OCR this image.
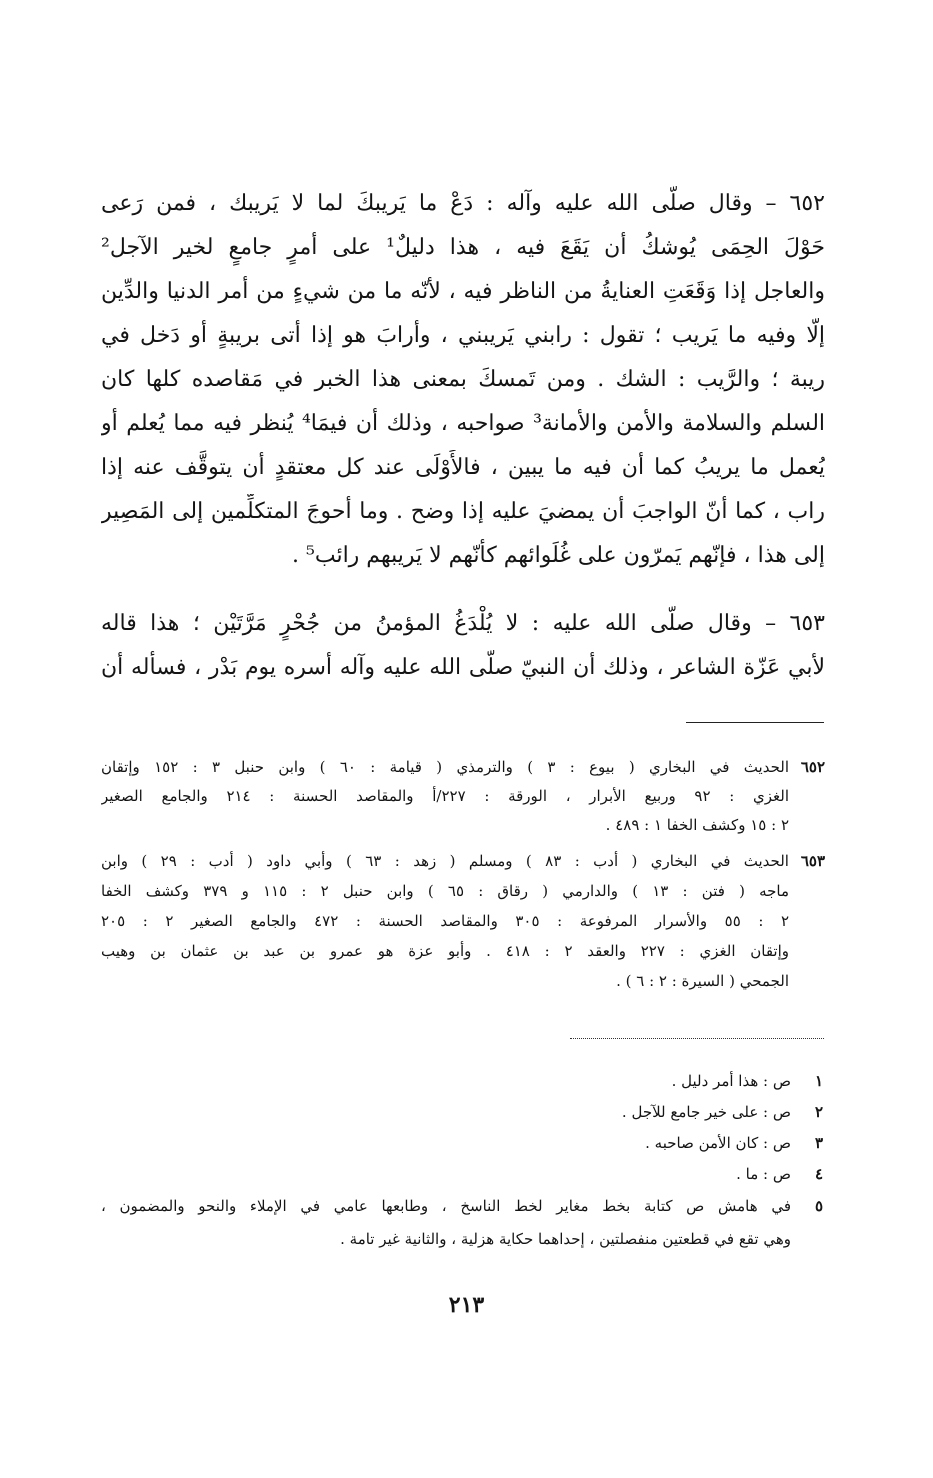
٦٥٢ – وقال صلّى الله عليه وآله : دَعْ ما يَريبكَ لما لا يَريبك ، فمن رَعى
حَوْلَ الحِمَى يُوشكُ أن يَقَعَ فيه ، هذا دليلٌ¹ على أمرٍ جامعٍ لخير الآجل²
والعاجل إذا وَقَعَتِ العنايةُ من الناظر فيه ، لأنّه ما من شيءٍ من أمر الدنيا والدِّين
إلّا وفيه ما يَريب ؛ تقول : رابني يَريبني ، وأرابَ هو إذا أتى بريبةٍ أو دَخل في
ريبة ؛ والرَّيب : الشك . ومن تَمسكَ بمعنى هذا الخبر في مَقاصده كلها كان
السلم والسلامة والأمن والأمانة³ صواحبه ، وذلك أن فيمَا⁴ يُنظر فيه مما يُعلم أو
يُعمل ما يريبُ كما أن فيه ما يبين ، فالأَوْلَى عند كل معتقدٍ أن يتوقَّف عنه إذا
راب ، كما أنّ الواجبَ أن يمضيَ عليه إذا وضح . وما أحوجَ المتكلِّمين إلى المَصِير
إلى هذا ، فإنّهم يَمرّون على غُلَوائهم كأنّهم لا يَريبهم رائب⁵ .
٦٥٣ – وقال صلّى الله عليه : لا يُلْدَغُ المؤمنُ من جُحْرٍ مَرَّتَيْن ؛ هذا قاله
لأبي عَزّة الشاعر ، وذلك أن النبيّ صلّى الله عليه وآله أسره يوم بَدْر ، فسأله أن
٦٥٢
الحديث في البخاري ( بيوع : ٣ ) والترمذي ( قيامة : ٦٠ ) وابن حنبل ٣ : ١٥٢ وإتقان
الغزي : ٩٢ وربيع الأبرار ، الورقة : ٢٢٧/أ والمقاصد الحسنة : ٢١٤ والجامع الصغير
٢ : ١٥ وكشف الخفا ١ : ٤٨٩ .
٦٥٣
الحديث في البخاري ( أدب : ٨٣ ) ومسلم ( زهد : ٦٣ ) وأبي داود ( أدب : ٢٩ ) وابن
ماجه ( فتن : ١٣ ) والدارمي ( رقاق : ٦٥ ) وابن حنبل ٢ : ١١٥ و ٣٧٩ وكشف الخفا
٢ : ٥٥ والأسرار المرفوعة : ٣٠٥ والمقاصد الحسنة : ٤٧٢ والجامع الصغير ٢ : ٢٠٥
وإتقان الغزي : ٢٢٧ والعقد ٢ : ٤١٨ . وأبو عزة هو عمرو بن عبد بن عثمان بن وهيب
الجمحي ( السيرة : ٢ : ٦ ) .
١
ص : هذا أمر دليل .
٢
ص : على خير جامع للآجل .
٣
ص : كان الأمن صاحبه .
٤
ص : ما .
٥
في هامش ص كتابة بخط مغاير لخط الناسخ ، وطابعها عامي في الإملاء والنحو والمضمون ،
وهي تقع في قطعتين منفصلتين ، إحداهما حكاية هزلية ، والثانية غير تامة .
٢١٣
